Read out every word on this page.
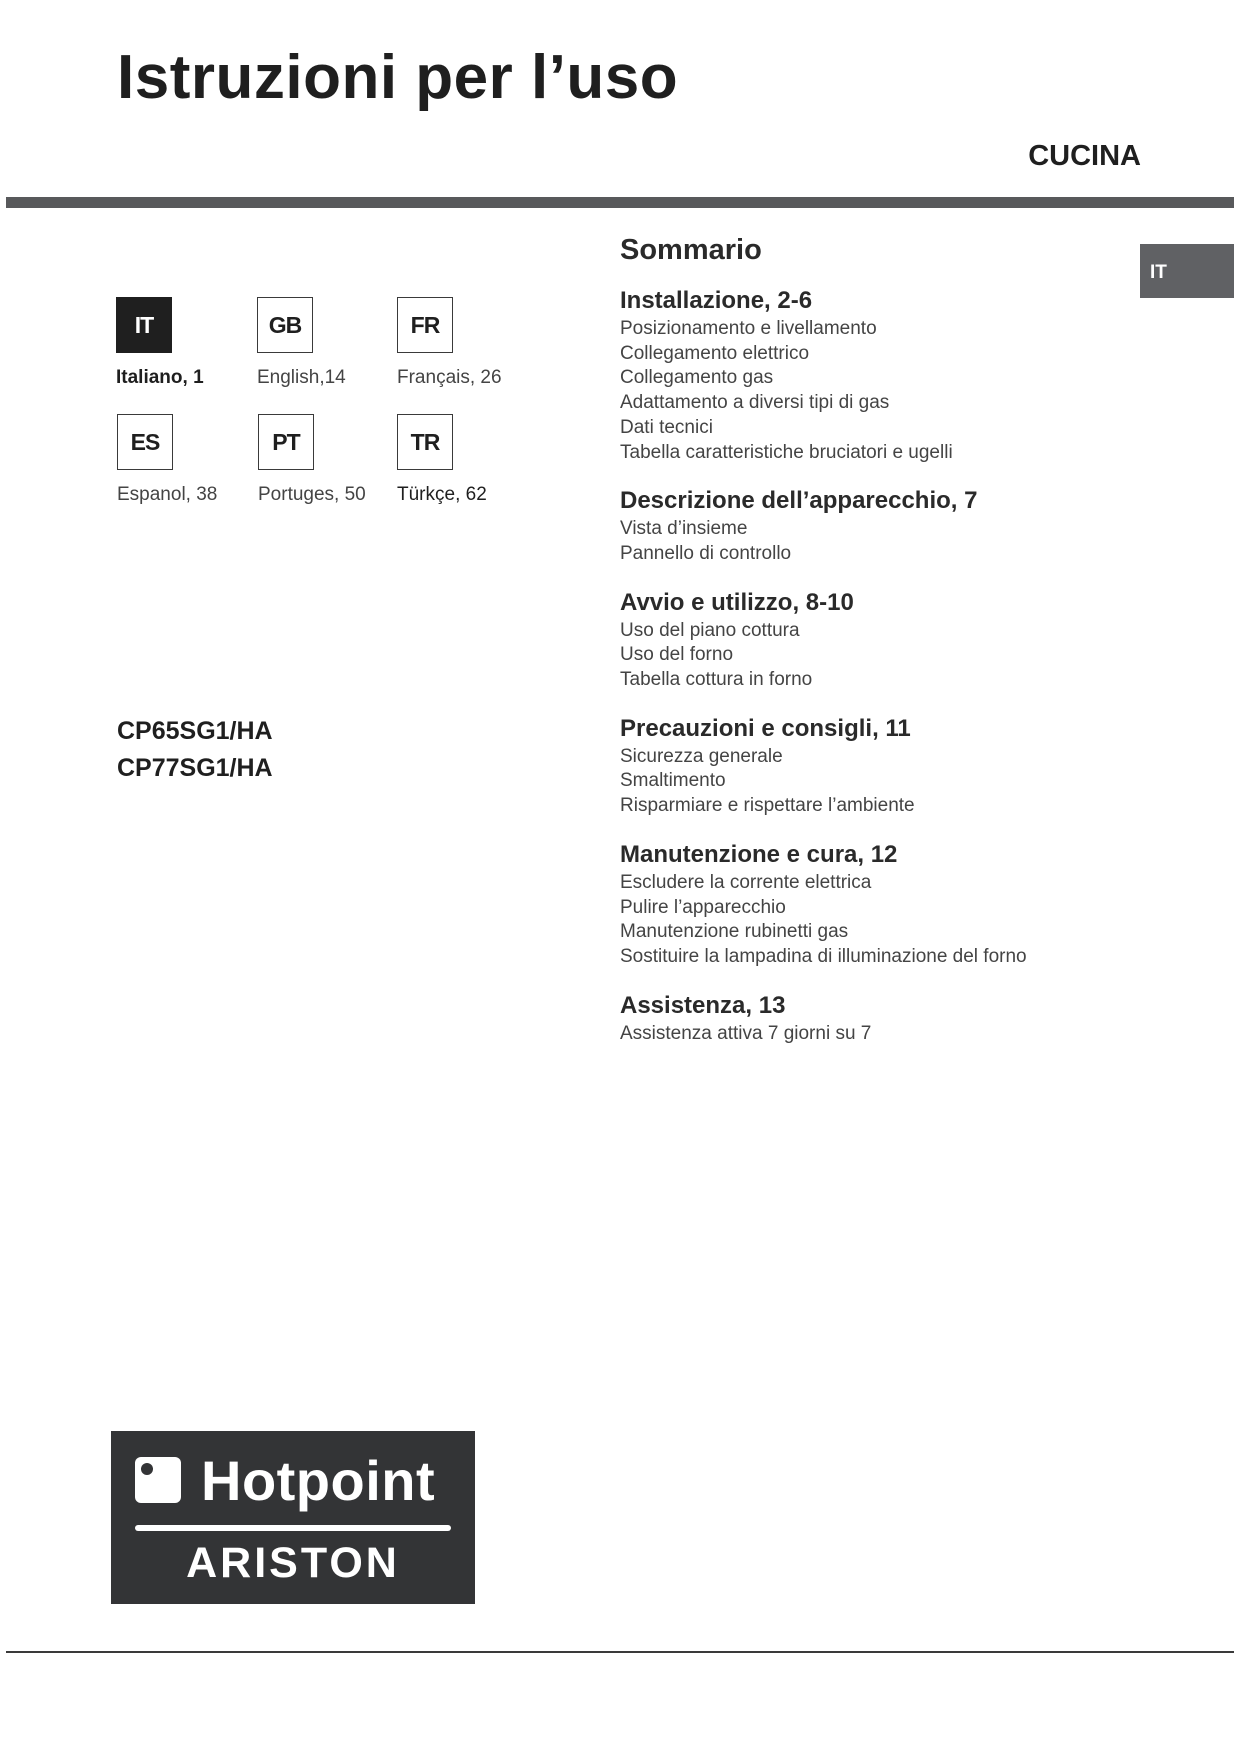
Istruzioni per l’uso
CUCINA
IT
IT
Italiano, 1
GB
English,14
FR
Français, 26
ES
Espanol, 38
PT
Portuges, 50
TR
Türkçe, 62
CP65SG1/HA
CP77SG1/HA
Sommario
Installazione, 2-6
Posizionamento e livellamento
Collegamento elettrico
Collegamento gas
Adattamento a diversi tipi di gas
Dati tecnici
Tabella caratteristiche bruciatori e ugelli
Descrizione dell’apparecchio, 7
Vista d’insieme
Pannello di controllo
Avvio e utilizzo, 8-10
Uso del piano cottura
Uso del forno
Tabella cottura in forno
Precauzioni e consigli, 11
Sicurezza generale
Smaltimento
Risparmiare e rispettare l’ambiente
Manutenzione e cura, 12
Escludere la corrente elettrica
Pulire l’apparecchio
Manutenzione rubinetti gas
Sostituire la lampadina di illuminazione del forno
Assistenza, 13
Assistenza attiva 7 giorni su 7
Hotpoint
ARISTON
